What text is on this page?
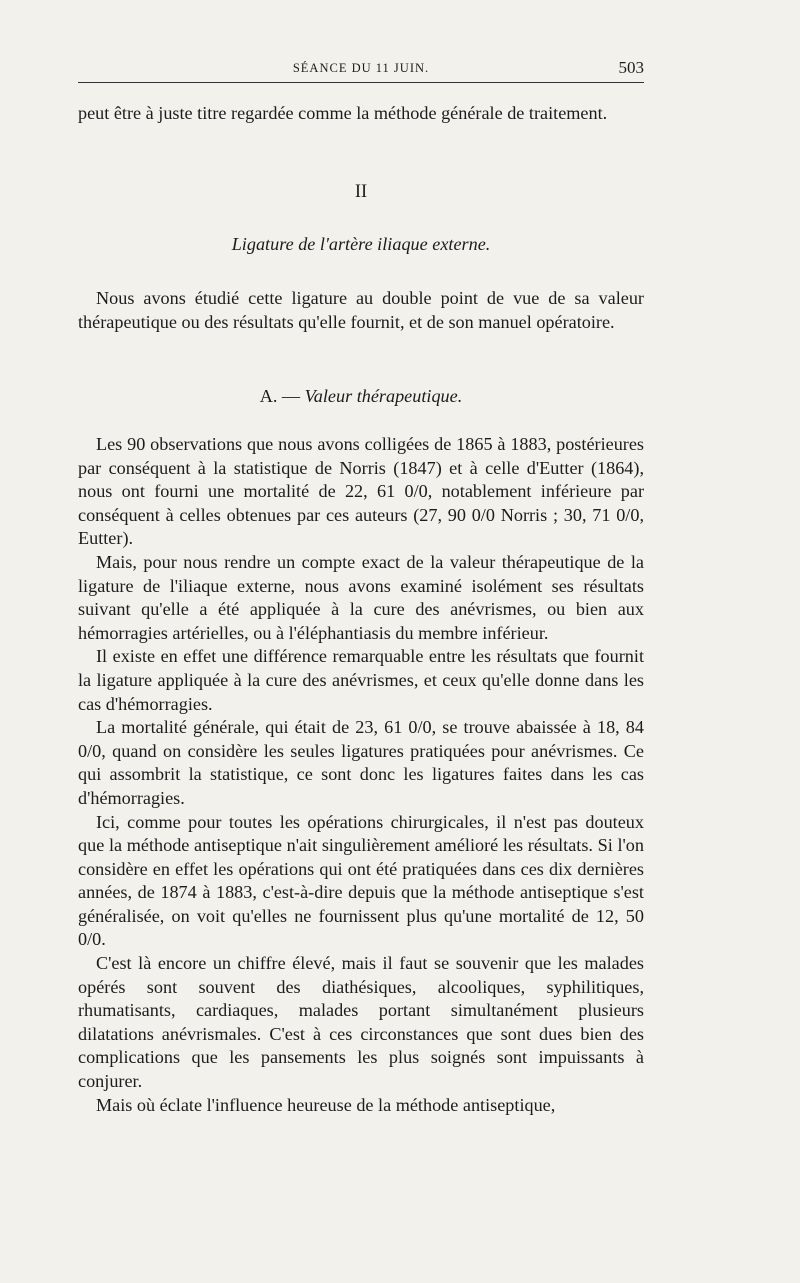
SÉANCE DU 11 JUIN.	503

peut être à juste titre regardée comme la méthode générale de traitement.

II

Ligature de l'artère iliaque externe.

Nous avons étudié cette ligature au double point de vue de sa valeur thérapeutique ou des résultats qu'elle fournit, et de son manuel opératoire.

A. — Valeur thérapeutique.

Les 90 observations que nous avons colligées de 1865 à 1883, postérieures par conséquent à la statistique de Norris (1847) et à celle d'Eutter (1864), nous ont fourni une mortalité de 22, 61 0/0, notablement inférieure par conséquent à celles obtenues par ces auteurs (27, 90 0/0 Norris ; 30, 71 0/0, Eutter).

Mais, pour nous rendre un compte exact de la valeur thérapeutique de la ligature de l'iliaque externe, nous avons examiné isolément ses résultats suivant qu'elle a été appliquée à la cure des anévrismes, ou bien aux hémorragies artérielles, ou à l'éléphantiasis du membre inférieur.

Il existe en effet une différence remarquable entre les résultats que fournit la ligature appliquée à la cure des anévrismes, et ceux qu'elle donne dans les cas d'hémorragies.

La mortalité générale, qui était de 23, 61 0/0, se trouve abaissée à 18, 84 0/0, quand on considère les seules ligatures pratiquées pour anévrismes. Ce qui assombrit la statistique, ce sont donc les ligatures faites dans les cas d'hémorragies.

Ici, comme pour toutes les opérations chirurgicales, il n'est pas douteux que la méthode antiseptique n'ait singulièrement amélioré les résultats. Si l'on considère en effet les opérations qui ont été pratiquées dans ces dix dernières années, de 1874 à 1883, c'est-à-dire depuis que la méthode antiseptique s'est généralisée, on voit qu'elles ne fournissent plus qu'une mortalité de 12, 50 0/0.

C'est là encore un chiffre élevé, mais il faut se souvenir que les malades opérés sont souvent des diathésiques, alcooliques, syphilitiques, rhumatisants, cardiaques, malades portant simultanément plusieurs dilatations anévrismales. C'est à ces circonstances que sont dues bien des complications que les pansements les plus soignés sont impuissants à conjurer.

Mais où éclate l'influence heureuse de la méthode antiseptique,
